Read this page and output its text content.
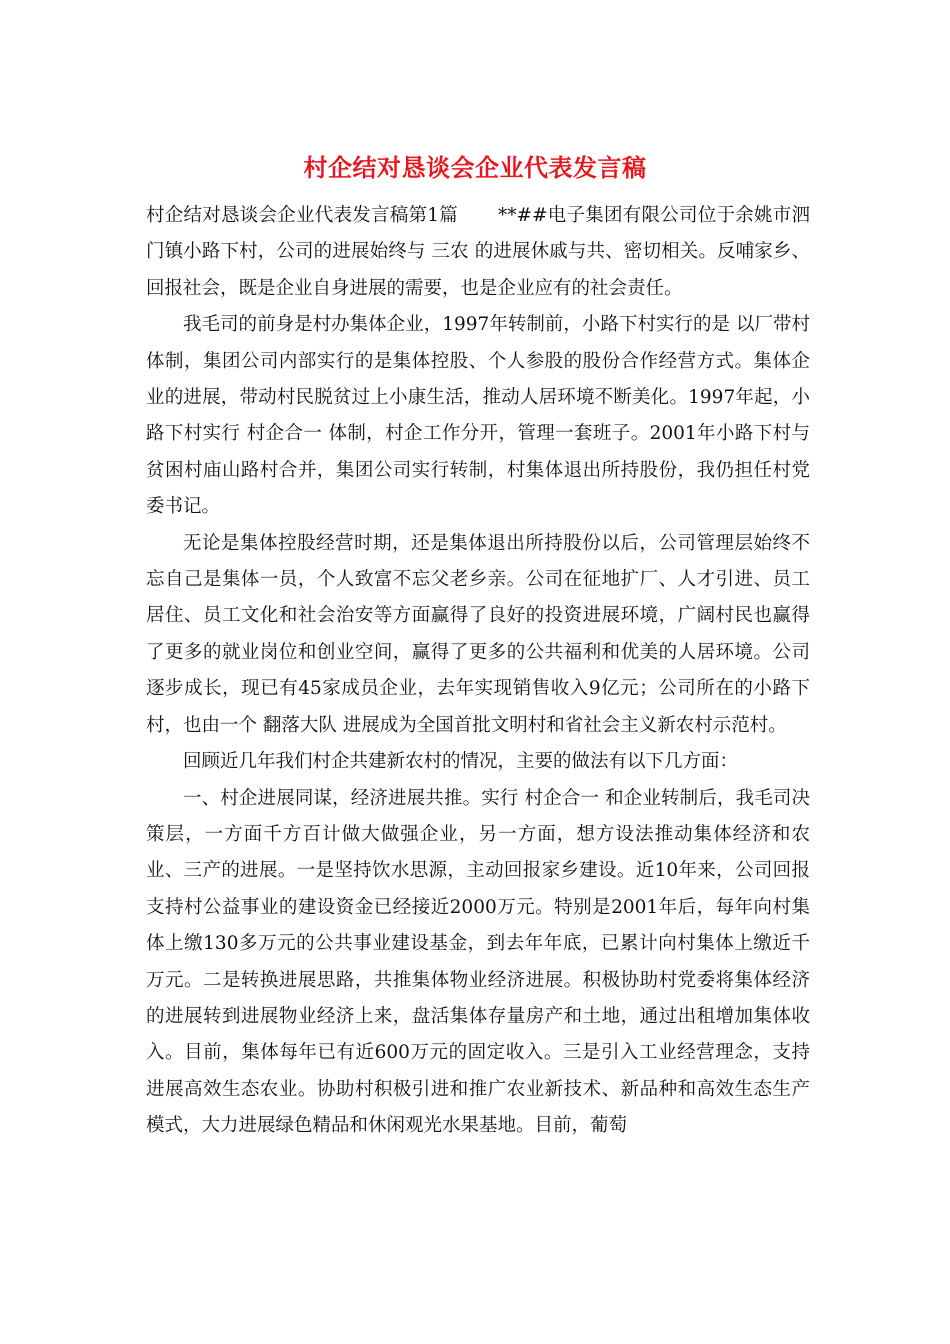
村企结对恳谈会企业代表发言稿

村企结对恳谈会企业代表发言稿第1篇 **##电子集团有限公司位于余姚市泗门镇小路下村，公司的进展始终与 三农 的进展休戚与共、密切相关。反哺家乡、回报社会，既是企业自身进展的需要，也是企业应有的社会责任。

我毛司的前身是村办集体企业，1997年转制前，小路下村实行的是 以厂带村 体制，集团公司内部实行的是集体控股、个人参股的股份合作经营方式。集体企业的进展，带动村民脱贫过上小康生活，推动人居环境不断美化。1997年起，小路下村实行 村企合一 体制，村企工作分开，管理一套班子。2001年小路下村与贫困村庙山路村合并，集团公司实行转制，村集体退出所持股份，我仍担任村党委书记。

无论是集体控股经营时期，还是集体退出所持股份以后，公司管理层始终不忘自己是集体一员，个人致富不忘父老乡亲。公司在征地扩厂、人才引进、员工居住、员工文化和社会治安等方面赢得了良好的投资进展环境，广阔村民也赢得了更多的就业岗位和创业空间，赢得了更多的公共福利和优美的人居环境。公司逐步成长，现已有45家成员企业，去年实现销售收入9亿元；公司所在的小路下村，也由一个 翻落大队 进展成为全国首批文明村和省社会主义新农村示范村。

回顾近几年我们村企共建新农村的情况，主要的做法有以下几方面：

一、村企进展同谋，经济进展共推。实行 村企合一 和企业转制后，我毛司决策层，一方面千方百计做大做强企业，另一方面，想方设法推动集体经济和农业、三产的进展。一是坚持饮水思源，主动回报家乡建设。近10年来，公司回报支持村公益事业的建设资金已经接近2000万元。特别是2001年后，每年向村集体上缴130多万元的公共事业建设基金，到去年年底，已累计向村集体上缴近千万元。二是转换进展思路，共推集体物业经济进展。积极协助村党委将集体经济的进展转到进展物业经济上来，盘活集体存量房产和土地，通过出租增加集体收入。目前，集体每年已有近600万元的固定收入。三是引入工业经营理念，支持进展高效生态农业。协助村积极引进和推广农业新技术、新品种和高效生态生产模式，大力进展绿色精品和休闲观光水果基地。目前，葡萄
